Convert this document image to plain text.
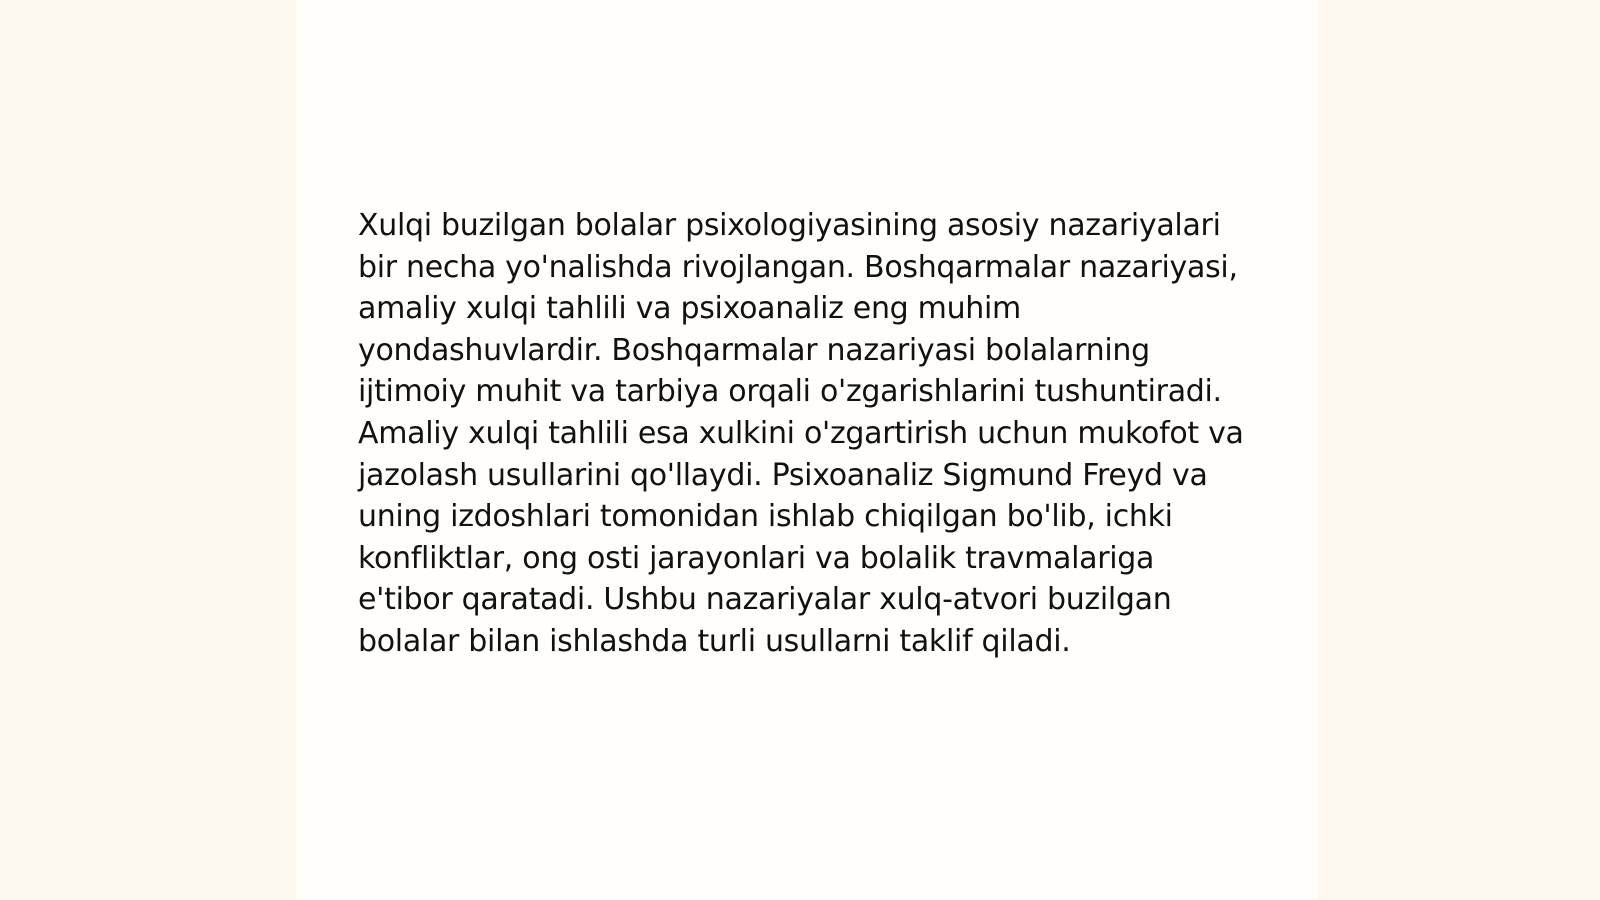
Xulqi buzilgan bolalar psixologiyasining asosiy nazariyalari bir necha yo'nalishda rivojlangan. Boshqarmalar nazariyasi, amaliy xulqi tahlili va psixoanaliz eng muhim yondashuvlardir. Boshqarmalar nazariyasi bolalarning ijtimoiy muhit va tarbiya orqali o'zgarishlarini tushuntiradi. Amaliy xulqi tahlili esa xulkini o'zgartirish uchun mukofot va jazolash usullarini qo'llaydi. Psixoanaliz Sigmund Freyd va uning izdoshlari tomonidan ishlab chiqilgan bo'lib, ichki konfliktlar, ong osti jarayonlari va bolalik travmalariga e'tibor qaratadi. Ushbu nazariyalar xulq-atvori buzilgan bolalar bilan ishlashda turli usullarni taklif qiladi.
